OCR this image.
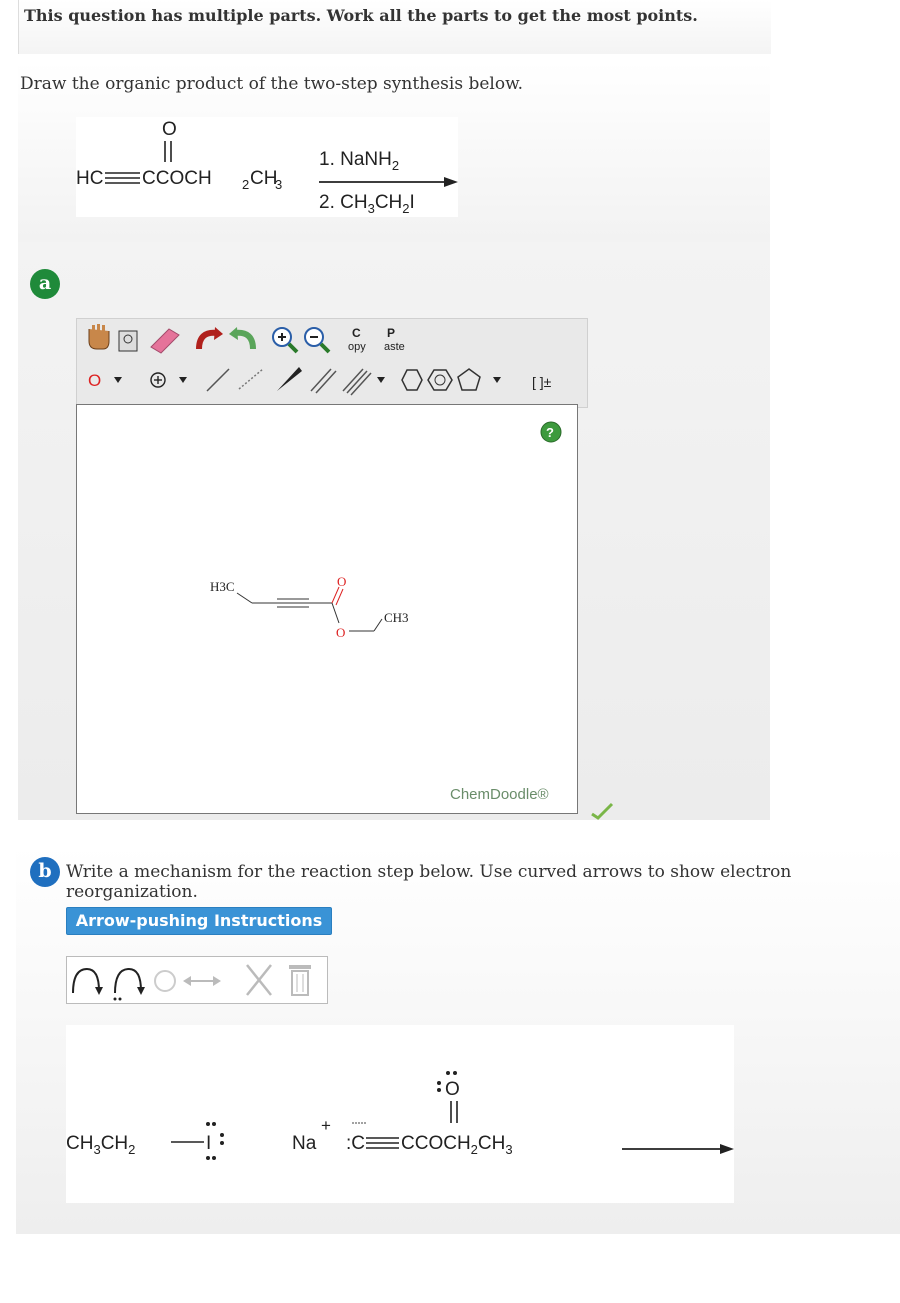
This question has multiple parts. Work all the parts to get the most points.
Draw the organic product of the two-step synthesis below.
HC CCOCH 2 CH
3
O
1. NaNH$_2$
2. $CH_3CH_2I$
a
C
opy
P
aste
O	[ ]±
?
H3C	O
O
CH3
ChemDoodle®
b Write a mechanism for the reaction step below. Use curved arrows to show electron reorganization.
Arrow-pushing Instructions
$CH_3CH_2$	I	Na
+
:C $CCOCH_2CH_3$
O
